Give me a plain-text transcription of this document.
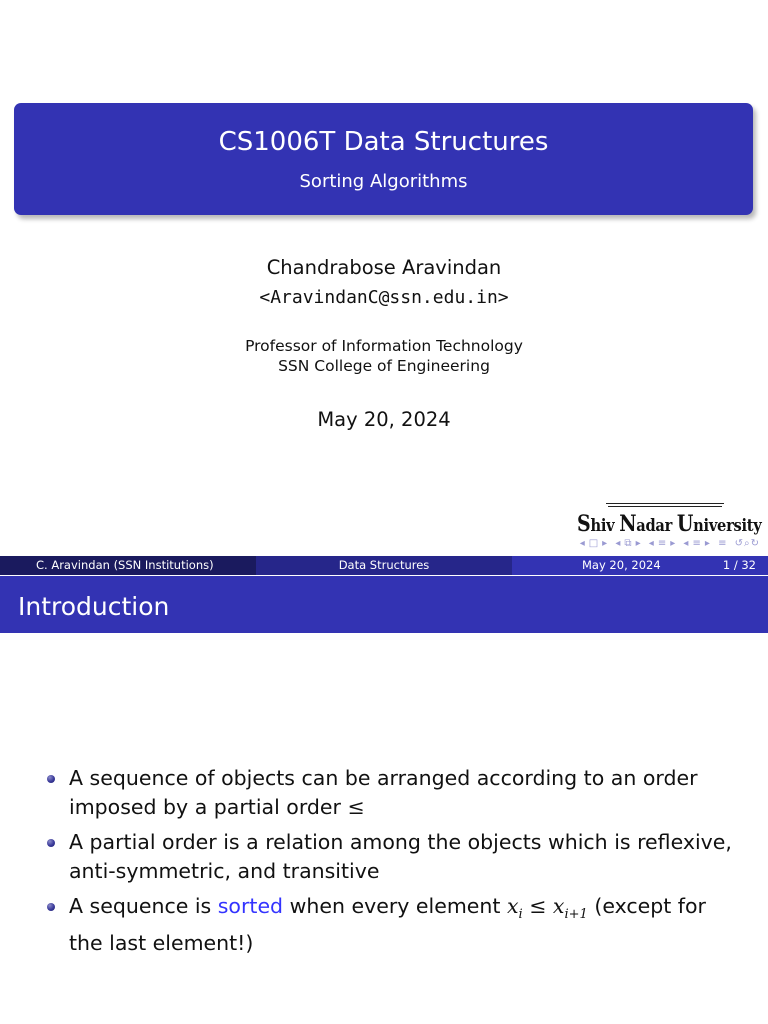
CS1006T Data Structures
Sorting Algorithms
Chandrabose Aravindan
<AravindanC@ssn.edu.in>
Professor of Information Technology
SSN College of Engineering
May 20, 2024
Shiv Nadar University
◂ □ ▸ ◂ ⧉ ▸ ◂ ≡ ▸ ◂ ≡ ▸ ≡ ↺⌕↻
C. Aravindan (SSN Institutions)	Data Structures	May 20, 2024	1 / 32
Introduction
A sequence of objects can be arranged according to an order imposed by a partial order ≤
A partial order is a relation among the objects which is reflexive, anti-symmetric, and transitive
A sequence is sorted when every element $x_i \le x_{i+1}$ (except for the last element!)
